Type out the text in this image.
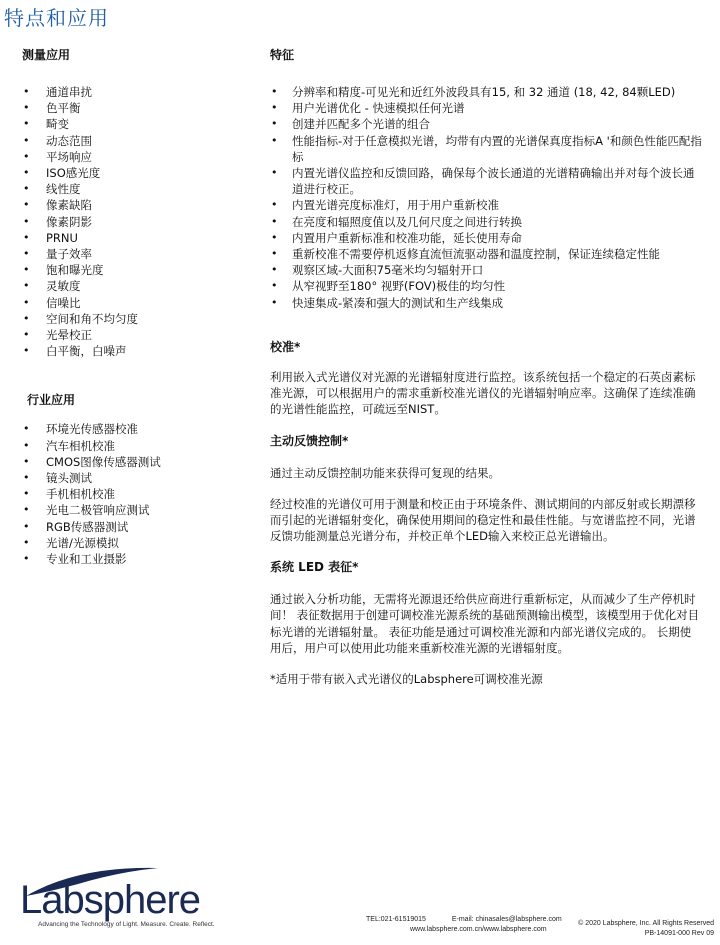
特点和应用
测量应用
• 通道串扰
• 色平衡
• 畸变
• 动态范围
• 平场响应
• ISO感光度
• 线性度
• 像素缺陷
• 像素阴影
• PRNU
• 量子效率
• 饱和曝光度
• 灵敏度
• 信噪比
• 空间和角不均匀度
• 光晕校正
• 白平衡，白噪声
行业应用
• 环境光传感器校准
• 汽车相机校准
• CMOS图像传感器测试
• 镜头测试
• 手机相机校准
• 光电二极管响应测试
• RGB传感器测试
• 光谱/光源模拟
• 专业和工业摄影
特征
• 分辨率和精度-可见光和近红外波段具有15, 和 32 通道 (18, 42, 84颗LED)
• 用户光谱优化 - 快速模拟任何光谱
• 创建并匹配多个光谱的组合
• 性能指标-对于任意模拟光谱，均带有内置的光谱保真度指标A '和颜色性能匹配指标
• 内置光谱仪监控和反馈回路，确保每个波长通道的光谱精确输出并对每个波长通道进行校正。
• 内置光谱亮度标准灯，用于用户重新校准
• 在亮度和辐照度值以及几何尺度之间进行转换
• 内置用户重新标准和校准功能，延长使用寿命
• 重新校准不需要停机返修直流恒流驱动器和温度控制，保证连续稳定性能
• 观察区域-大面积75毫米均匀辐射开口
• 从窄视野至180° 视野(FOV)极佳的均匀性
• 快速集成-紧凑和强大的测试和生产线集成
校准*

利用嵌入式光谱仪对光源的光谱辐射度进行监控。该系统包括一个稳定的石英卤素标准光源，可以根据用户的需求重新校准光谱仪的光谱辐射响应率。这确保了连续准确的光谱性能监控，可疏远至NIST。

主动反馈控制*

通过主动反馈控制功能来获得可复现的结果。

经过校准的光谱仪可用于测量和校正由于环境条件、测试期间的内部反射或长期漂移而引起的光谱辐射变化，确保使用期间的稳定性和最佳性能。与宽谱监控不同，光谱反馈功能测量总光谱分布，并校正单个LED输入来校正总光谱输出。

系统 LED 表征*

通过嵌入分析功能，无需将光源退还给供应商进行重新标定，从而减少了生产停机时间！ 表征数据用于创建可调校准光源系统的基础预测输出模型，该模型用于优化对目标光谱的光谱辐射量。 表征功能是通过可调校准光源和内部光谱仪完成的。 长期使用后，用户可以使用此功能来重新校准光源的光谱辐射度。

*适用于带有嵌入式光谱仪的Labsphere可调校准光源

Labsphere
Advancing the Technology of Light. Measure. Create. Reflect.
TEL:021-61519015	E-mail: chinasales@labsphere.com
www.labsphere.com.cn/www.labsphere.com
© 2020 Labsphere, Inc. All Rights Reserved
PB-14091-000 Rev 09
